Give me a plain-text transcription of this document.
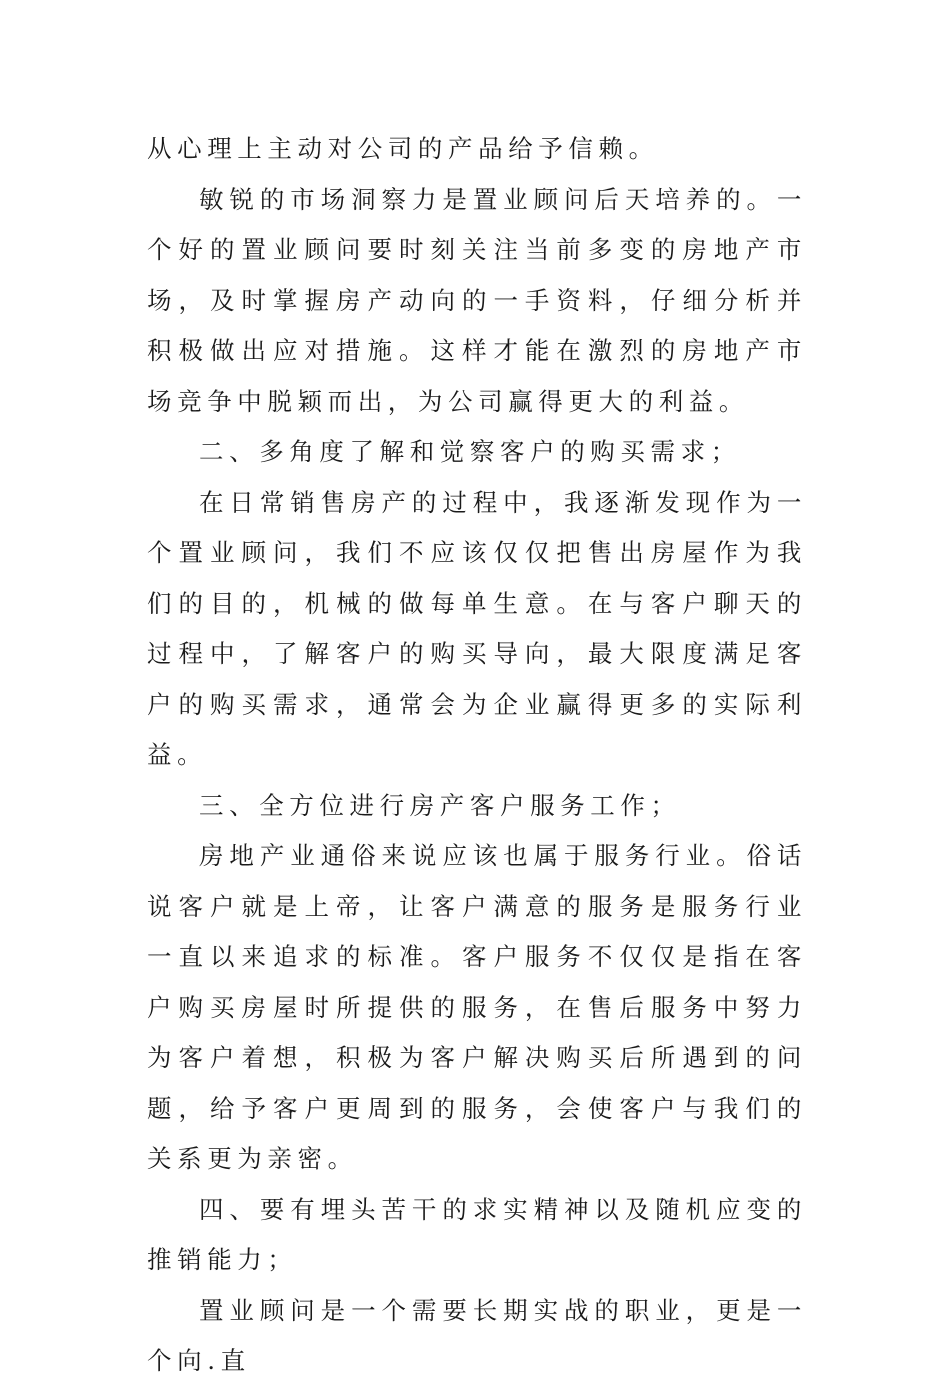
从心理上主动对公司的产品给予信赖。

敏锐的市场洞察力是置业顾问后天培养的。一个好的置业顾问要时刻关注当前多变的房地产市场，及时掌握房产动向的一手资料，仔细分析并积极做出应对措施。这样才能在激烈的房地产市场竞争中脱颖而出，为公司赢得更大的利益。

二、多角度了解和觉察客户的购买需求；

在日常销售房产的过程中，我逐渐发现作为一个置业顾问，我们不应该仅仅把售出房屋作为我们的目的，机械的做每单生意。在与客户聊天的过程中，了解客户的购买导向，最大限度满足客户的购买需求，通常会为企业赢得更多的实际利益。

三、全方位进行房产客户服务工作；

房地产业通俗来说应该也属于服务行业。俗话说客户就是上帝，让客户满意的服务是服务行业一直以来追求的标准。客户服务不仅仅是指在客户购买房屋时所提供的服务，在售后服务中努力为客户着想，积极为客户解决购买后所遇到的问题，给予客户更周到的服务，会使客户与我们的关系更为亲密。

四、要有埋头苦干的求实精神以及随机应变的推销能力；

置业顾问是一个需要长期实战的职业，更是一个向.直
